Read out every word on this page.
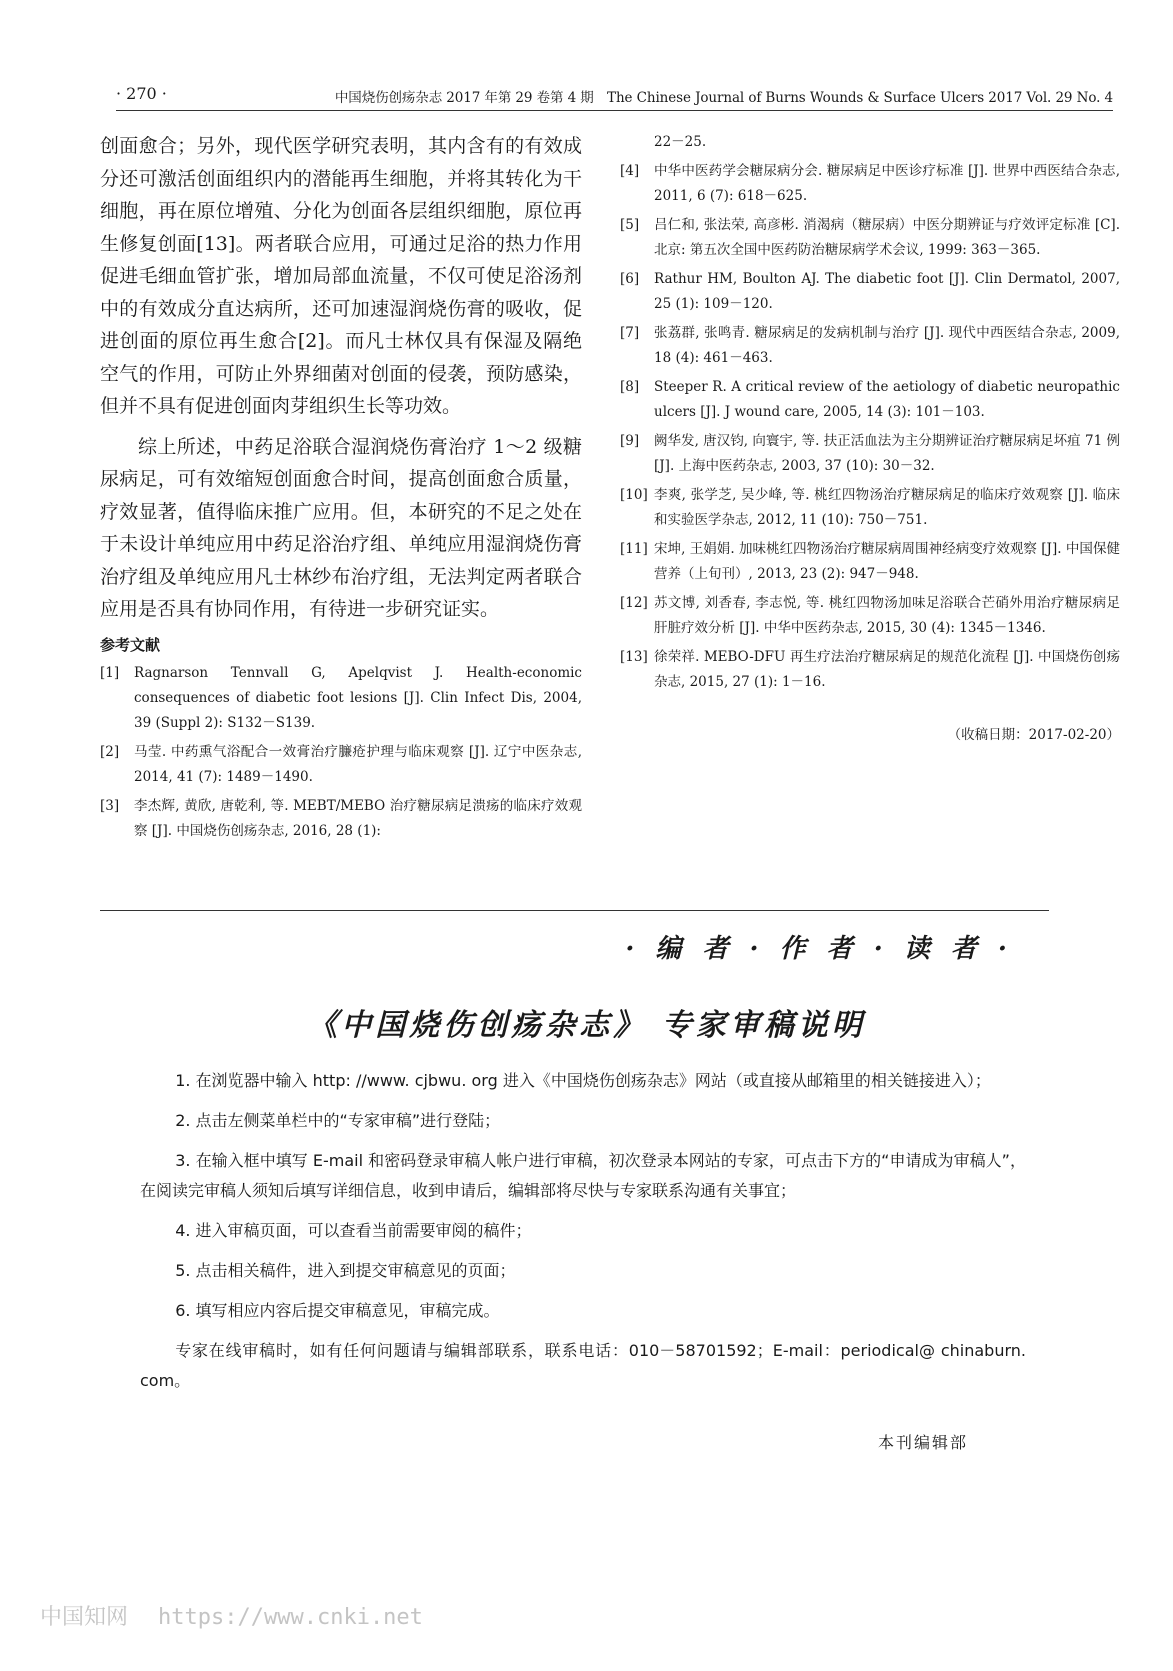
· 270 ·	中国烧伤创疡杂志 2017 年第 29 卷第 4 期　The Chinese Journal of Burns Wounds & Surface Ulcers 2017 Vol. 29 No. 4

创面愈合；另外，现代医学研究表明，其内含有的有效成分还可激活创面组织内的潜能再生细胞，并将其转化为干细胞，再在原位增殖、分化为创面各层组织细胞，原位再生修复创面[13]。两者联合应用，可通过足浴的热力作用促进毛细血管扩张，增加局部血流量，不仅可使足浴汤剂中的有效成分直达病所，还可加速湿润烧伤膏的吸收，促进创面的原位再生愈合[2]。而凡士林仅具有保湿及隔绝空气的作用，可防止外界细菌对创面的侵袭，预防感染，但并不具有促进创面肉芽组织生长等功效。

综上所述，中药足浴联合湿润烧伤膏治疗 1～2 级糖尿病足，可有效缩短创面愈合时间，提高创面愈合质量，疗效显著，值得临床推广应用。但，本研究的不足之处在于未设计单纯应用中药足浴治疗组、单纯应用湿润烧伤膏治疗组及单纯应用凡士林纱布治疗组，无法判定两者联合应用是否具有协同作用，有待进一步研究证实。

参考文献
[1] Ragnarson Tennvall G, Apelqvist J. Health-economic consequences of diabetic foot lesions [J]. Clin Infect Dis, 2004, 39 (Suppl 2): S132－S139.
[2] 马莹. 中药熏气浴配合一效膏治疗臁疮护理与临床观察 [J]. 辽宁中医杂志, 2014, 41 (7): 1489－1490.
[3] 李杰辉, 黄欣, 唐乾利, 等. MEBT/MEBO 治疗糖尿病足溃疡的临床疗效观察 [J]. 中国烧伤创疡杂志, 2016, 28 (1):
22－25.
[4] 中华中医药学会糖尿病分会. 糖尿病足中医诊疗标准 [J]. 世界中西医结合杂志, 2011, 6 (7): 618－625.
[5] 吕仁和, 张法荣, 高彦彬. 消渴病（糖尿病）中医分期辨证与疗效评定标准 [C]. 北京: 第五次全国中医药防治糖尿病学术会议, 1999: 363－365.
[6] Rathur HM, Boulton AJ. The diabetic foot [J]. Clin Dermatol, 2007, 25 (1): 109－120.
[7] 张荔群, 张鸣青. 糖尿病足的发病机制与治疗 [J]. 现代中西医结合杂志, 2009, 18 (4): 461－463.
[8] Steeper R. A critical review of the aetiology of diabetic neuropathic ulcers [J]. J wound care, 2005, 14 (3): 101－103.
[9] 阙华发, 唐汉钧, 向寰宇, 等. 扶正活血法为主分期辨证治疗糖尿病足坏疽 71 例 [J]. 上海中医药杂志, 2003, 37 (10): 30－32.
[10] 李爽, 张学芝, 吴少峰, 等. 桃红四物汤治疗糖尿病足的临床疗效观察 [J]. 临床和实验医学杂志, 2012, 11 (10): 750－751.
[11] 宋坤, 王娟娟. 加味桃红四物汤治疗糖尿病周围神经病变疗效观察 [J]. 中国保健营养（上旬刊）, 2013, 23 (2): 947－948.
[12] 苏文博, 刘香春, 李志悦, 等. 桃红四物汤加味足浴联合芒硝外用治疗糖尿病足肝脏疗效分析 [J]. 中华中医药杂志, 2015, 30 (4): 1345－1346.
[13] 徐荣祥. MEBO-DFU 再生疗法治疗糖尿病足的规范化流程 [J]. 中国烧伤创疡杂志, 2015, 27 (1): 1－16.
（收稿日期：2017-02-20）
· 编 者 · 作 者 · 读 者 ·
《中国烧伤创疡杂志》 专家审稿说明

1. 在浏览器中输入 http: //www. cjbwu. org 进入《中国烧伤创疡杂志》网站（或直接从邮箱里的相关链接进入）；

2. 点击左侧菜单栏中的“专家审稿”进行登陆；

3. 在输入框中填写 E-mail 和密码登录审稿人帐户进行审稿，初次登录本网站的专家，可点击下方的“申请成为审稿人”，在阅读完审稿人须知后填写详细信息，收到申请后，编辑部将尽快与专家联系沟通有关事宜；

4. 进入审稿页面，可以查看当前需要审阅的稿件；

5. 点击相关稿件，进入到提交审稿意见的页面；

6. 填写相应内容后提交审稿意见，审稿完成。

专家在线审稿时，如有任何问题请与编辑部联系，联系电话：010－58701592；E-mail：periodical@ chinaburn. com。

本刊编辑部
中国知网 https://www.cnki.net
